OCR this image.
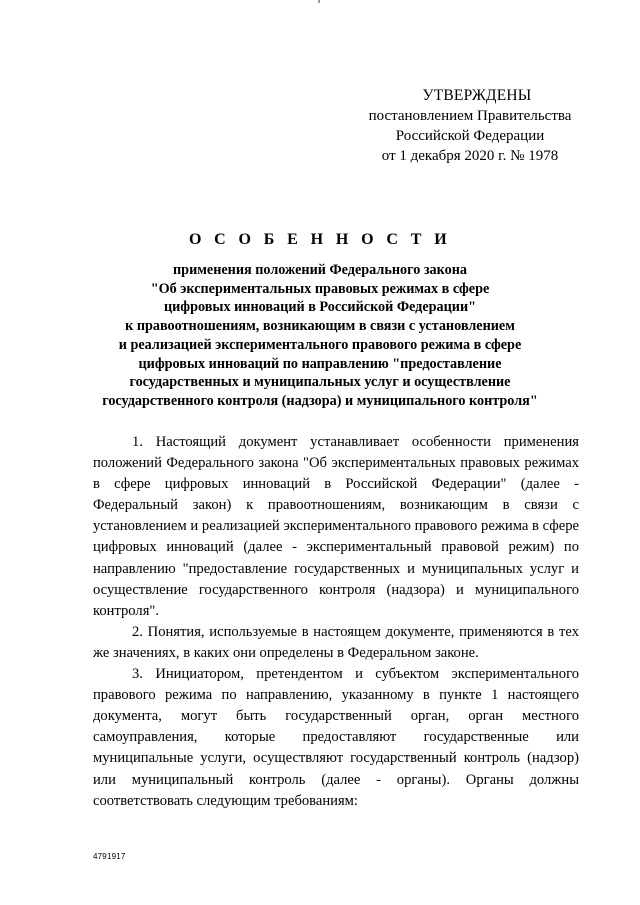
УТВЕРЖДЕНЫ
постановлением Правительства
Российской Федерации
от 1 декабря 2020 г. № 1978
О С О Б Е Н Н О С Т И
применения положений Федерального закона
"Об экспериментальных правовых режимах в сфере
цифровых инноваций в Российской Федерации"
к правоотношениям, возникающим в связи с установлением
и реализацией экспериментального правового режима в сфере
цифровых инноваций по направлению "предоставление
государственных и муниципальных услуг и осуществление
государственного контроля (надзора) и муниципального контроля"

1. Настоящий документ устанавливает особенности применения положений Федерального закона "Об экспериментальных правовых режимах в сфере цифровых инноваций в Российской Федерации" (далее - Федеральный закон) к правоотношениям, возникающим в связи с установлением и реализацией экспериментального правового режима в сфере цифровых инноваций (далее - экспериментальный правовой режим) по направлению "предоставление государственных и муниципальных услуг и осуществление государственного контроля (надзора) и муниципального контроля".

2. Понятия, используемые в настоящем документе, применяются в тех же значениях, в каких они определены в Федеральном законе.

3. Инициатором, претендентом и субъектом экспериментального правового режима по направлению, указанному в пункте 1 настоящего документа, могут быть государственный орган, орган местного самоуправления, которые предоставляют государственные или муниципальные услуги, осуществляют государственный контроль (надзор) или муниципальный контроль (далее - органы). Органы должны соответствовать следующим требованиям:

4791917
